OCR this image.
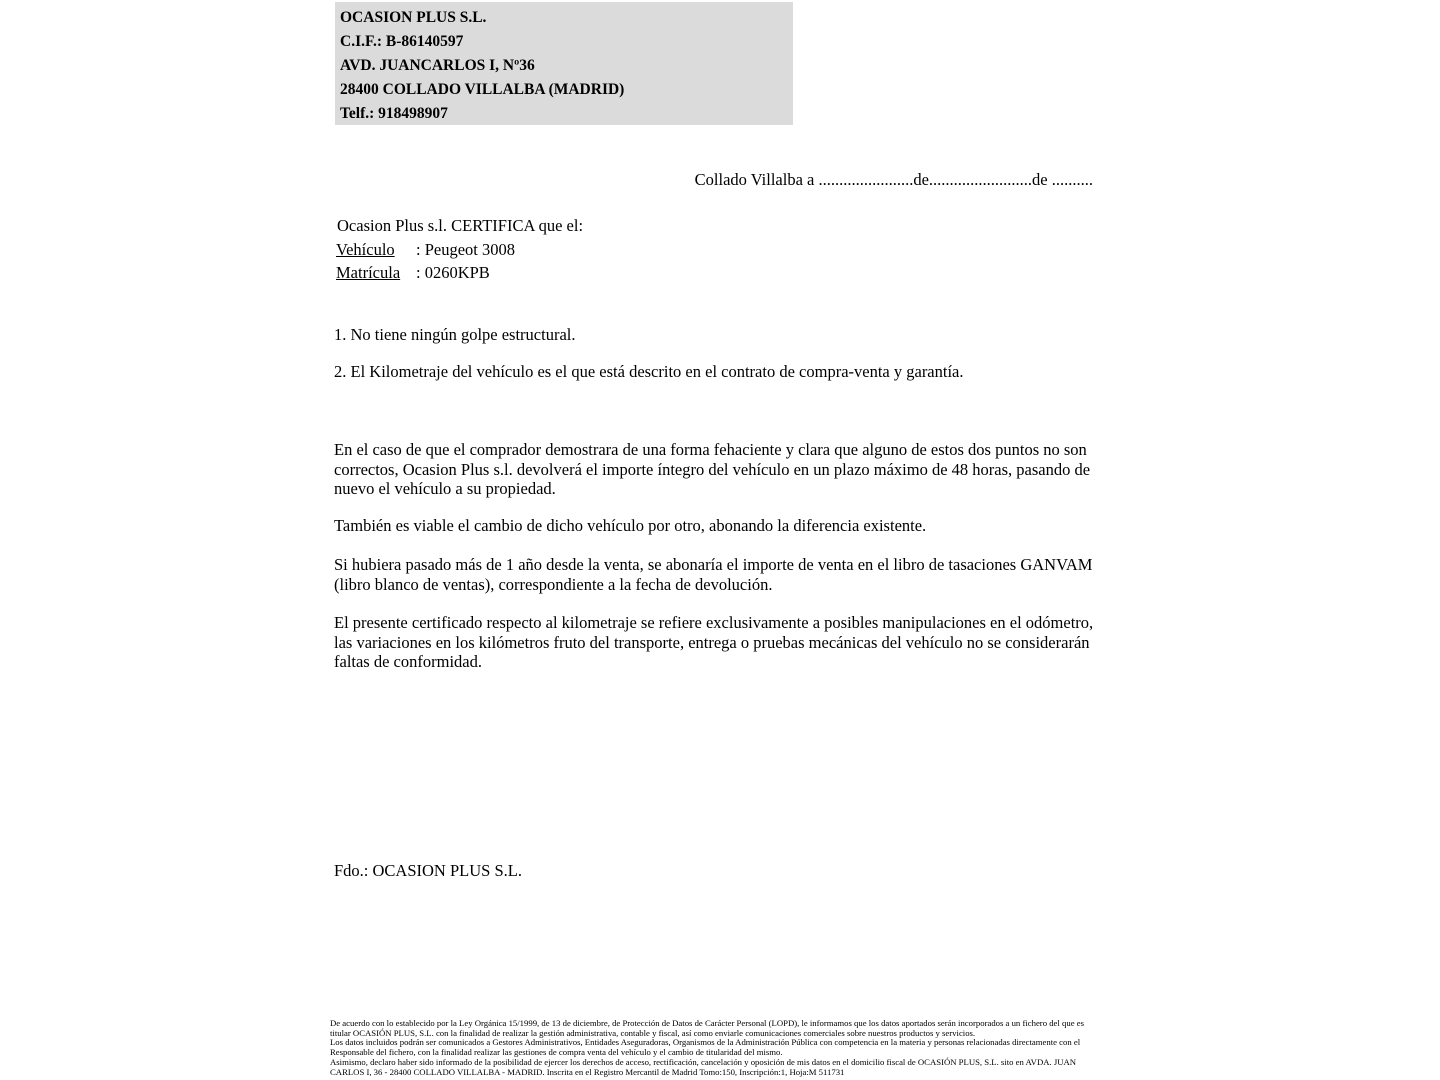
OCASION PLUS S.L.
C.I.F.: B-86140597
AVD. JUANCARLOS I, Nº36
28400 COLLADO VILLALBA (MADRID)
Telf.: 918498907
Collado Villalba a .......................de.........................de ..........
Ocasion Plus s.l. CERTIFICA que el:
Vehículo : Peugeot 3008
Matrícula : 0260KPB
1. No tiene ningún golpe estructural.
2. El Kilometraje del vehículo es el que está descrito en el contrato de compra-venta y garantía.
En el caso de que el comprador demostrara de una forma fehaciente y clara que alguno de estos dos puntos no son correctos, Ocasion Plus s.l. devolverá el importe íntegro del vehículo en un plazo máximo de 48 horas, pasando de nuevo el vehículo a su propiedad.
También es viable el cambio de dicho vehículo por otro, abonando la diferencia existente.
Si hubiera pasado más de 1 año desde la venta, se abonaría el importe de venta en el libro de tasaciones GANVAM (libro blanco de ventas), correspondiente a la fecha de devolución.
El presente certificado respecto al kilometraje se refiere exclusivamente a posibles manipulaciones en el odómetro, las variaciones en los kilómetros fruto del transporte, entrega o pruebas mecánicas del vehículo no se considerarán faltas de conformidad.
Fdo.: OCASION PLUS S.L.

De acuerdo con lo establecido por la Ley Orgánica 15/1999, de 13 de diciembre, de Protección de Datos de Carácter Personal (LOPD), le informamos que los datos aportados serán incorporados a un fichero del que es titular OCASIÓN PLUS, S.L. con la finalidad de realizar la gestión administrativa, contable y fiscal, así como enviarle comunicaciones comerciales sobre nuestros productos y servicios.

Los datos incluidos podrán ser comunicados a Gestores Administrativos, Entidades Aseguradoras, Organismos de la Administración Pública con competencia en la materia y personas relacionadas directamente con el Responsable del fichero, con la finalidad realizar las gestiones de compra venta del vehículo y el cambio de titularidad del mismo.

Asimismo, declaro haber sido informado de la posibilidad de ejercer los derechos de acceso, rectificación, cancelación y oposición de mis datos en el domicilio fiscal de OCASIÓN PLUS, S.L. sito en AVDA. JUAN CARLOS I, 36 - 28400 COLLADO VILLALBA - MADRID. Inscrita en el Registro Mercantil de Madrid Tomo:150, Inscripción:1, Hoja:M 511731
